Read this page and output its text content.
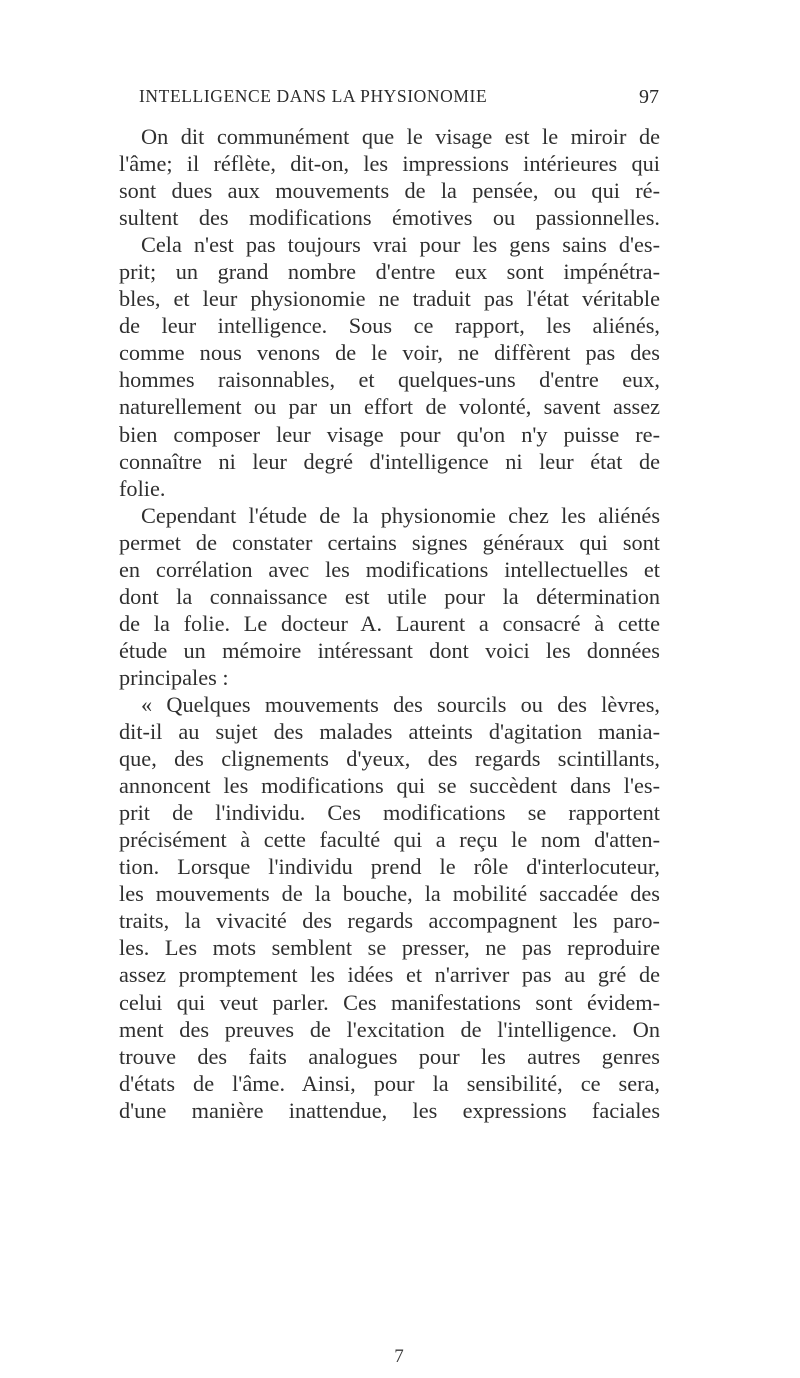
INTELLIGENCE DANS LA PHYSIONOMIE	97
On dit communément que le visage est le miroir de
l'âme; il réflète, dit-on, les impressions intérieures qui
sont dues aux mouvements de la pensée, ou qui ré-
sultent des modifications émotives ou passionnelles.
Cela n'est pas toujours vrai pour les gens sains d'es-
prit; un grand nombre d'entre eux sont impénétra-
bles, et leur physionomie ne traduit pas l'état véritable
de leur intelligence. Sous ce rapport, les aliénés,
comme nous venons de le voir, ne diffèrent pas des
hommes raisonnables, et quelques-uns d'entre eux,
naturellement ou par un effort de volonté, savent assez
bien composer leur visage pour qu'on n'y puisse re-
connaître ni leur degré d'intelligence ni leur état de
folie.
Cependant l'étude de la physionomie chez les aliénés
permet de constater certains signes généraux qui sont
en corrélation avec les modifications intellectuelles et
dont la connaissance est utile pour la détermination
de la folie. Le docteur A. Laurent a consacré à cette
étude un mémoire intéressant dont voici les données
principales :
« Quelques mouvements des sourcils ou des lèvres,
dit-il au sujet des malades atteints d'agitation mania-
que, des clignements d'yeux, des regards scintillants,
annoncent les modifications qui se succèdent dans l'es-
prit de l'individu. Ces modifications se rapportent
précisément à cette faculté qui a reçu le nom d'atten-
tion. Lorsque l'individu prend le rôle d'interlocuteur,
les mouvements de la bouche, la mobilité saccadée des
traits, la vivacité des regards accompagnent les paro-
les. Les mots semblent se presser, ne pas reproduire
assez promptement les idées et n'arriver pas au gré de
celui qui veut parler. Ces manifestations sont évidem-
ment des preuves de l'excitation de l'intelligence. On
trouve des faits analogues pour les autres genres
d'états de l'âme. Ainsi, pour la sensibilité, ce sera,
d'une manière inattendue, les expressions faciales
7
